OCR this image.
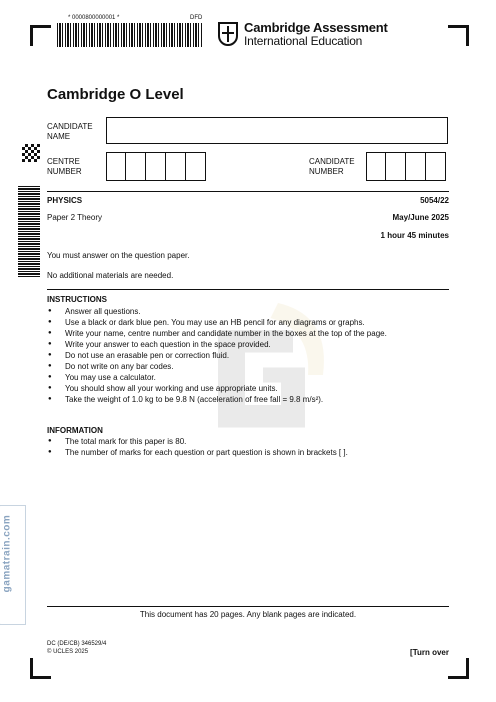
* 0000800000001 *	DFD
Cambridge Assessment
International Education
Cambridge O Level
CANDIDATE NAME
CENTRE NUMBER
CANDIDATE NUMBER
PHYSICS	5054/22
Paper 2 Theory	May/June 2025
1 hour 45 minutes
You must answer on the question paper.
No additional materials are needed.
INSTRUCTIONS
● Answer all questions.
● Use a black or dark blue pen. You may use an HB pencil for any diagrams or graphs.
● Write your name, centre number and candidate number in the boxes at the top of the page.
● Write your answer to each question in the space provided.
● Do not use an erasable pen or correction fluid.
● Do not write on any bar codes.
● You may use a calculator.
● You should show all your working and use appropriate units.
● Take the weight of 1.0 kg to be 9.8 N (acceleration of free fall = 9.8 m/s²).
INFORMATION
● The total mark for this paper is 80.
● The number of marks for each question or part question is shown in brackets [ ].
gamatrain.com
This document has 20 pages. Any blank pages are indicated.
DC (DE/CB) 346529/4
© UCLES 2025	[Turn over
